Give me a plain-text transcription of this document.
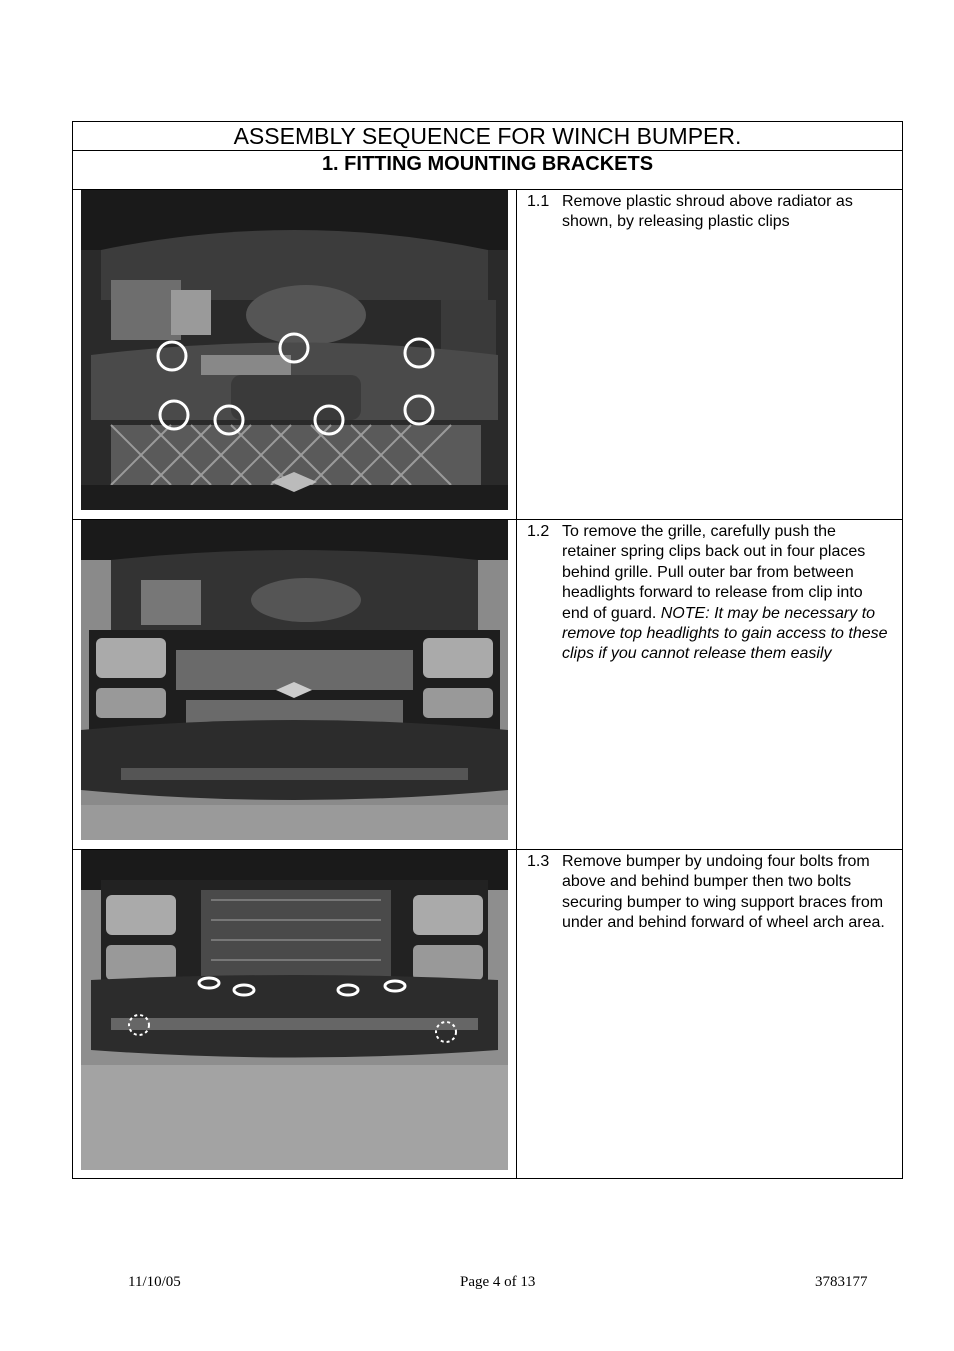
ASSEMBLY SEQUENCE FOR WINCH BUMPER.
1. FITTING MOUNTING BRACKETS
1.1 Remove plastic shroud above radiator as shown, by releasing plastic clips
1.2 To remove the grille, carefully push the retainer spring clips back out in four places behind grille. Pull outer bar from between headlights forward to release from clip into end of guard. NOTE: It may be necessary to remove top headlights to gain access to these clips if you cannot release them easily
1.3 Remove bumper by undoing four bolts from above and behind bumper then two bolts securing bumper to wing support braces from under and behind forward of wheel arch area.
11/10/05	Page 4 of 13	3783177
